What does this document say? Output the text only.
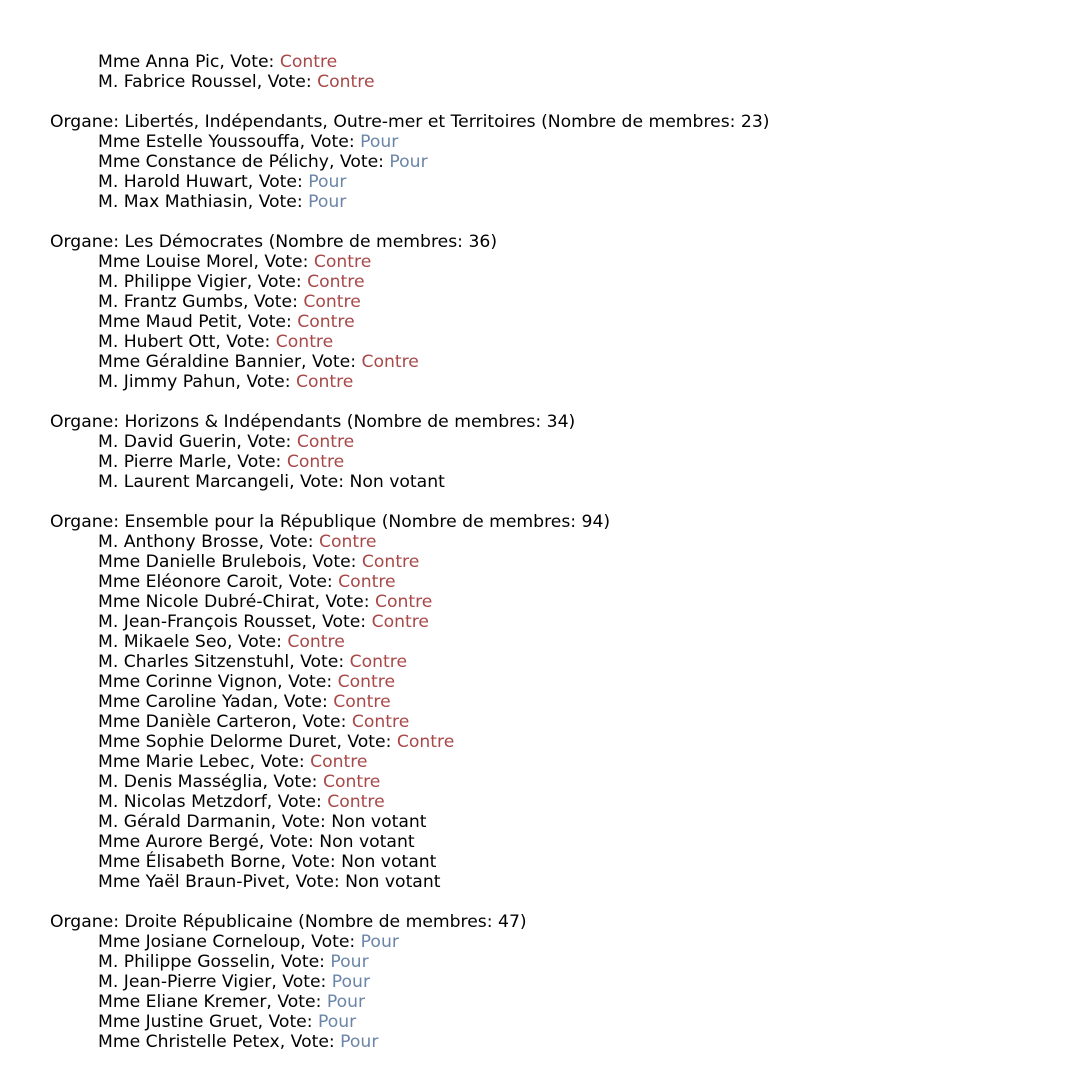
Mme Anna Pic, Vote: Contre
M. Fabrice Roussel, Vote: Contre
Organe: Libertés, Indépendants, Outre-mer et Territoires (Nombre de membres: 23)
Mme Estelle Youssouffa, Vote: Pour
Mme Constance de Pélichy, Vote: Pour
M. Harold Huwart, Vote: Pour
M. Max Mathiasin, Vote: Pour
Organe: Les Démocrates (Nombre de membres: 36)
Mme Louise Morel, Vote: Contre
M. Philippe Vigier, Vote: Contre
M. Frantz Gumbs, Vote: Contre
Mme Maud Petit, Vote: Contre
M. Hubert Ott, Vote: Contre
Mme Géraldine Bannier, Vote: Contre
M. Jimmy Pahun, Vote: Contre
Organe: Horizons & Indépendants (Nombre de membres: 34)
M. David Guerin, Vote: Contre
M. Pierre Marle, Vote: Contre
M. Laurent Marcangeli, Vote: Non votant
Organe: Ensemble pour la République (Nombre de membres: 94)
M. Anthony Brosse, Vote: Contre
Mme Danielle Brulebois, Vote: Contre
Mme Eléonore Caroit, Vote: Contre
Mme Nicole Dubré-Chirat, Vote: Contre
M. Jean-François Rousset, Vote: Contre
M. Mikaele Seo, Vote: Contre
M. Charles Sitzenstuhl, Vote: Contre
Mme Corinne Vignon, Vote: Contre
Mme Caroline Yadan, Vote: Contre
Mme Danièle Carteron, Vote: Contre
Mme Sophie Delorme Duret, Vote: Contre
Mme Marie Lebec, Vote: Contre
M. Denis Masséglia, Vote: Contre
M. Nicolas Metzdorf, Vote: Contre
M. Gérald Darmanin, Vote: Non votant
Mme Aurore Bergé, Vote: Non votant
Mme Élisabeth Borne, Vote: Non votant
Mme Yaël Braun-Pivet, Vote: Non votant
Organe: Droite Républicaine (Nombre de membres: 47)
Mme Josiane Corneloup, Vote: Pour
M. Philippe Gosselin, Vote: Pour
M. Jean-Pierre Vigier, Vote: Pour
Mme Eliane Kremer, Vote: Pour
Mme Justine Gruet, Vote: Pour
Mme Christelle Petex, Vote: Pour
